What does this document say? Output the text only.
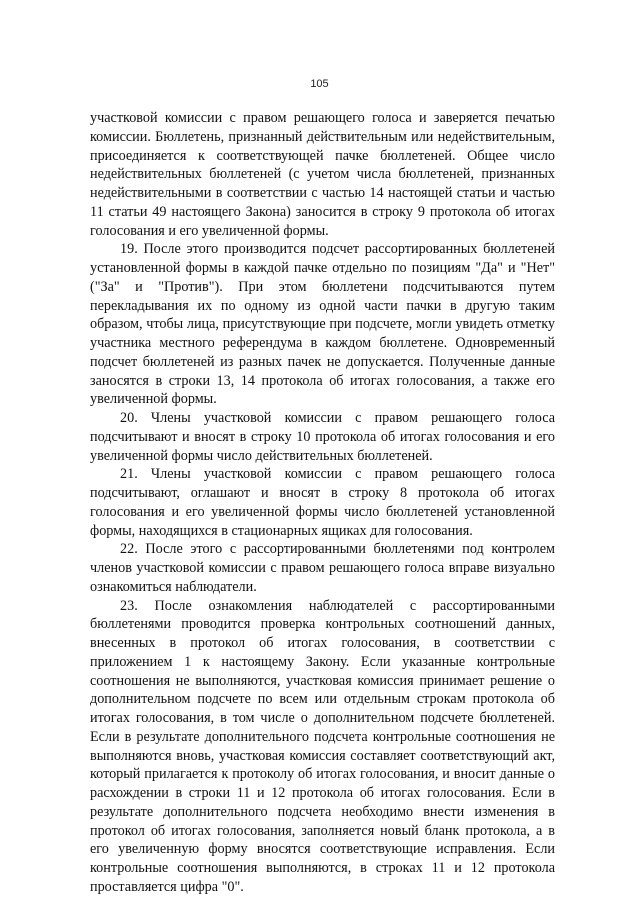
105

участковой комиссии с правом решающего голоса и заверяется печатью комиссии. Бюллетень, признанный действительным или недействительным, присоединяется к соответствующей пачке бюллетеней. Общее число недействительных бюллетеней (с учетом числа бюллетеней, признанных недействительными в соответствии с частью 14 настоящей статьи и частью 11 статьи 49 настоящего Закона) заносится в строку 9 протокола об итогах голосования и его увеличенной формы.

19. После этого производится подсчет рассортированных бюллетеней установленной формы в каждой пачке отдельно по позициям "Да" и "Нет" ("За" и "Против"). При этом бюллетени подсчитываются путем перекладывания их по одному из одной части пачки в другую таким образом, чтобы лица, присутствующие при подсчете, могли увидеть отметку участника местного референдума в каждом бюллетене. Одновременный подсчет бюллетеней из разных пачек не допускается. Полученные данные заносятся в строки 13, 14 протокола об итогах голосования, а также его увеличенной формы.

20. Члены участковой комиссии с правом решающего голоса подсчитывают и вносят в строку 10 протокола об итогах голосования и его увеличенной формы число действительных бюллетеней.

21. Члены участковой комиссии с правом решающего голоса подсчитывают, оглашают и вносят в строку 8 протокола об итогах голосования и его увеличенной формы число бюллетеней установленной формы, находящихся в стационарных ящиках для голосования.

22. После этого с рассортированными бюллетенями под контролем членов участковой комиссии с правом решающего голоса вправе визуально ознакомиться наблюдатели.

23. После ознакомления наблюдателей с рассортированными бюллетенями проводится проверка контрольных соотношений данных, внесенных в протокол об итогах голосования, в соответствии с приложением 1 к настоящему Закону. Если указанные контрольные соотношения не выполняются, участковая комиссия принимает решение о дополнительном подсчете по всем или отдельным строкам протокола об итогах голосования, в том числе о дополнительном подсчете бюллетеней. Если в результате дополнительного подсчета контрольные соотношения не выполняются вновь, участковая комиссия составляет соответствующий акт, который прилагается к протоколу об итогах голосования, и вносит данные о расхождении в строки 11 и 12 протокола об итогах голосования. Если в результате дополнительного подсчета необходимо внести изменения в протокол об итогах голосования, заполняется новый бланк протокола, а в его увеличенную форму вносятся соответствующие исправления. Если контрольные соотношения выполняются, в строках 11 и 12 протокола проставляется цифра "0".
